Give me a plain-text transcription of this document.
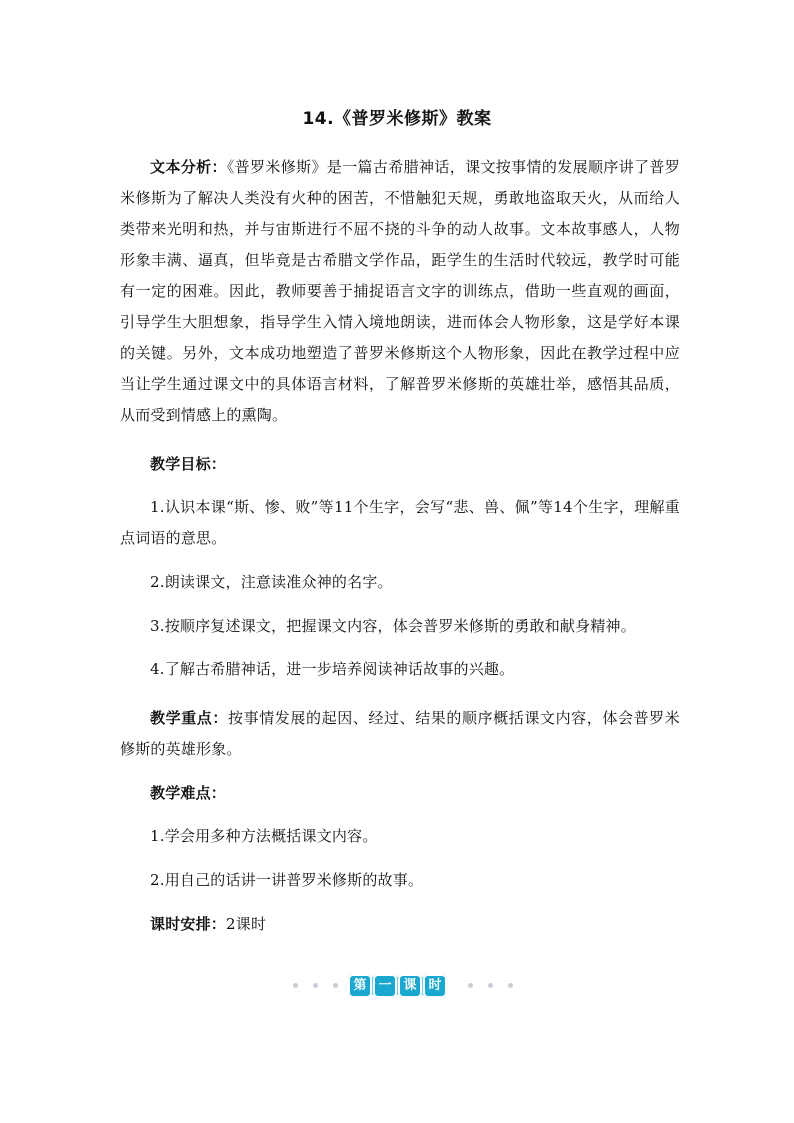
14.《普罗米修斯》教案
文本分析：《普罗米修斯》是一篇古希腊神话，课文按事情的发展顺序讲了普罗米修斯为了解决人类没有火种的困苦，不惜触犯天规，勇敢地盗取天火，从而给人类带来光明和热，并与宙斯进行不屈不挠的斗争的动人故事。文本故事感人，人物形象丰满、逼真，但毕竟是古希腊文学作品，距学生的生活时代较远，教学时可能有一定的困难。因此，教师要善于捕捉语言文字的训练点，借助一些直观的画面，引导学生大胆想象，指导学生入情入境地朗读，进而体会人物形象，这是学好本课的关键。另外，文本成功地塑造了普罗米修斯这个人物形象，因此在教学过程中应当让学生通过课文中的具体语言材料，了解普罗米修斯的英雄壮举，感悟其品质，从而受到情感上的熏陶。
教学目标：
1.认识本课“斯、惨、败”等11个生字，会写“悲、兽、佩”等14个生字，理解重点词语的意思。
2.朗读课文，注意读准众神的名字。
3.按顺序复述课文，把握课文内容，体会普罗米修斯的勇敢和献身精神。
4.了解古希腊神话，进一步培养阅读神话故事的兴趣。
教学重点：按事情发展的起因、经过、结果的顺序概括课文内容，体会普罗米修斯的英雄形象。
教学难点：
1.学会用多种方法概括课文内容。
2.用自己的话讲一讲普罗米修斯的故事。
课时安排：2课时
第 一 课 时
